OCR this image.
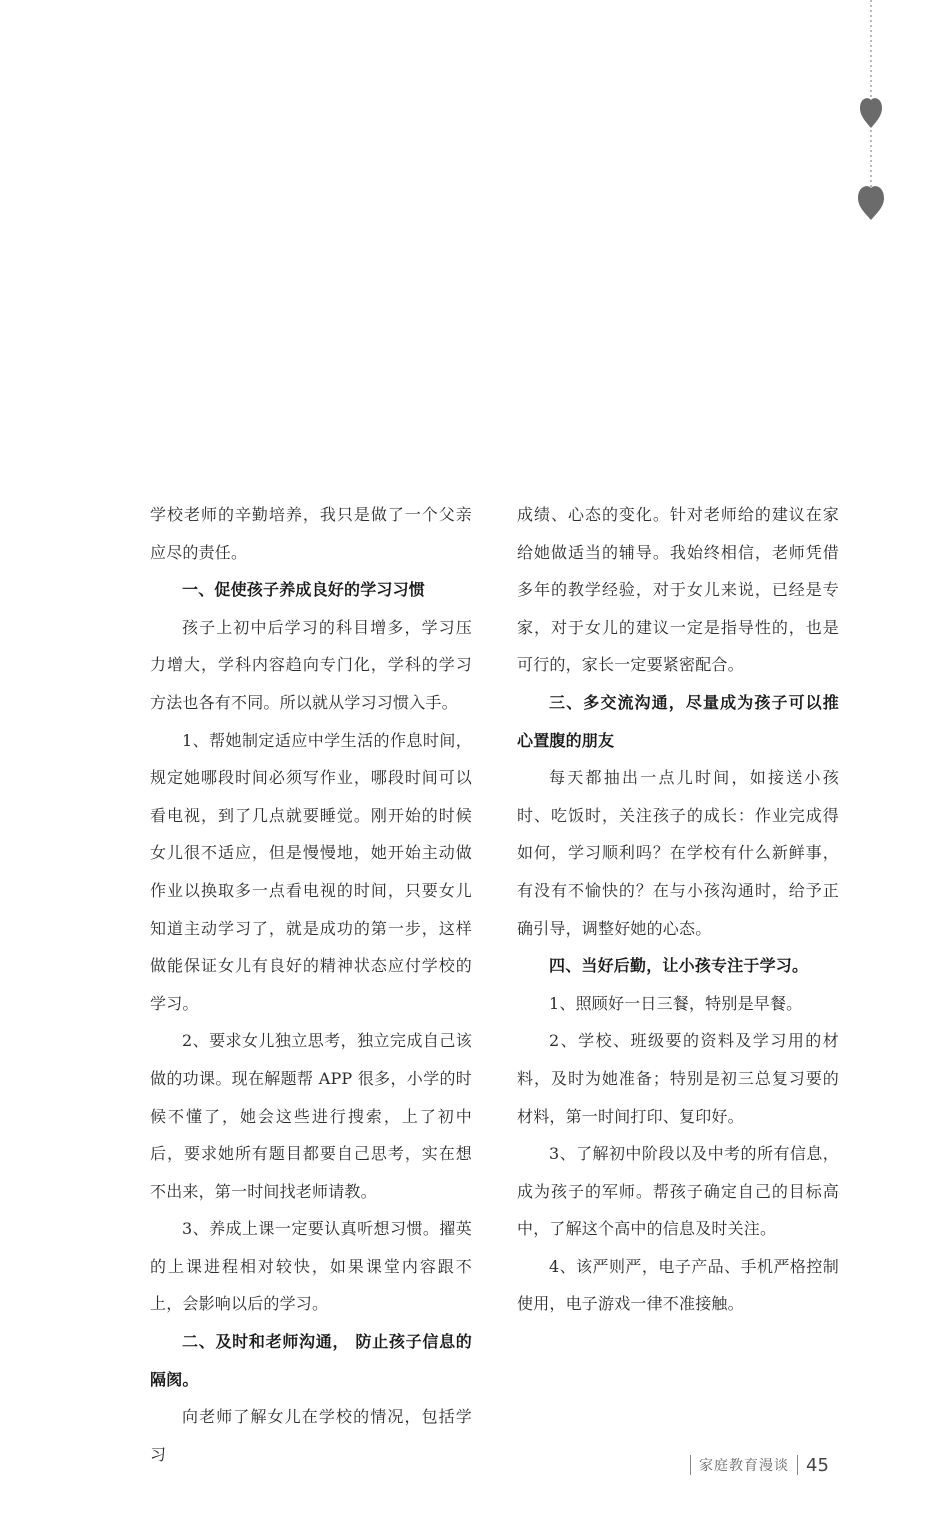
学校老师的辛勤培养，我只是做了一个父亲应尽的责任。

一、促使孩子养成良好的学习习惯

孩子上初中后学习的科目增多，学习压力增大，学科内容趋向专门化，学科的学习方法也各有不同。所以就从学习习惯入手。

1、帮她制定适应中学生活的作息时间，规定她哪段时间必须写作业，哪段时间可以看电视，到了几点就要睡觉。刚开始的时候女儿很不适应，但是慢慢地，她开始主动做作业以换取多一点看电视的时间，只要女儿知道主动学习了，就是成功的第一步，这样做能保证女儿有良好的精神状态应付学校的学习。

2、要求女儿独立思考，独立完成自己该做的功课。现在解题帮 APP 很多，小学的时候不懂了，她会这些进行搜索，上了初中后，要求她所有题目都要自己思考，实在想不出来，第一时间找老师请教。

3、养成上课一定要认真听想习惯。擢英的上课进程相对较快，如果课堂内容跟不上，会影响以后的学习。

二、及时和老师沟通， 防止孩子信息的隔阂。

向老师了解女儿在学校的情况，包括学习

成绩、心态的变化。针对老师给的建议在家给她做适当的辅导。我始终相信，老师凭借多年的教学经验，对于女儿来说，已经是专家，对于女儿的建议一定是指导性的，也是可行的，家长一定要紧密配合。

三、多交流沟通，尽量成为孩子可以推心置腹的朋友

每天都抽出一点儿时间，如接送小孩时、吃饭时，关注孩子的成长：作业完成得如何，学习顺利吗？在学校有什么新鲜事，有没有不愉快的？在与小孩沟通时，给予正确引导，调整好她的心态。

四、当好后勤，让小孩专注于学习。

1、照顾好一日三餐，特别是早餐。

2、学校、班级要的资料及学习用的材料，及时为她准备；特别是初三总复习要的材料，第一时间打印、复印好。

3、了解初中阶段以及中考的所有信息，成为孩子的军师。帮孩子确定自己的目标高中，了解这个高中的信息及时关注。

4、该严则严，电子产品、手机严格控制使用，电子游戏一律不准接触。

家庭教育漫谈 45
